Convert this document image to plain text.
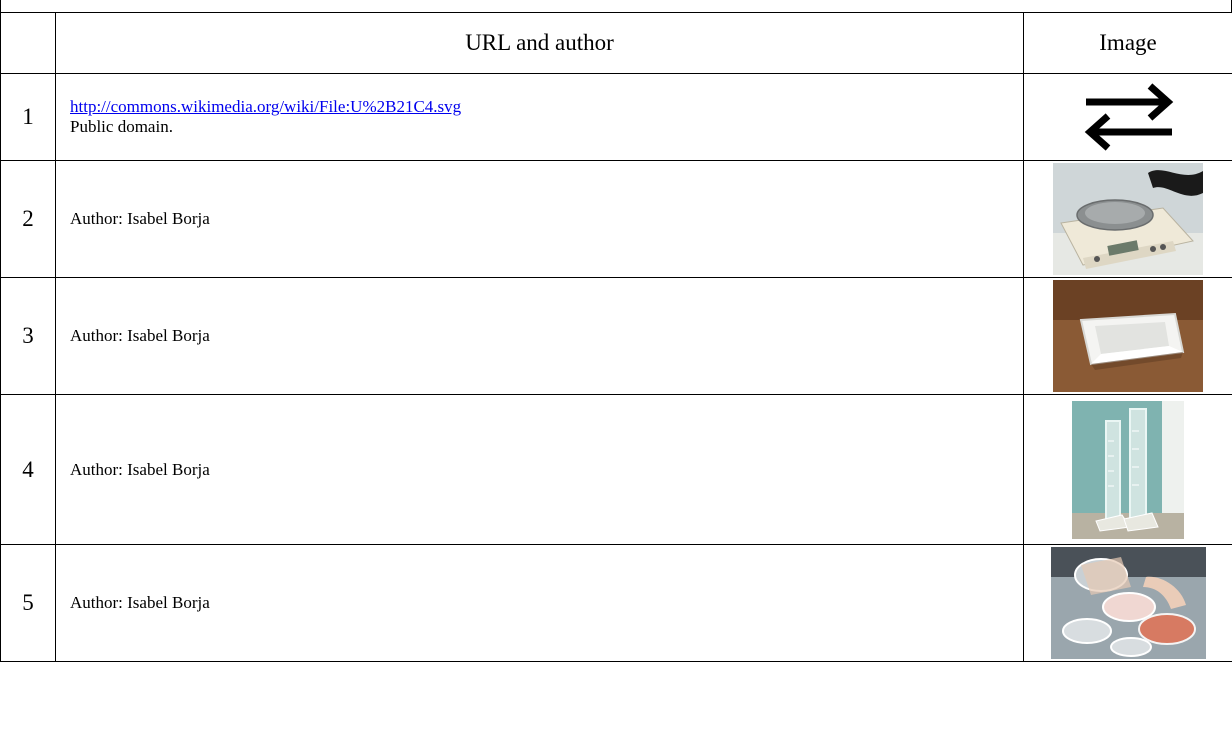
	URL and author	Image
1	http://commons.wikimedia.org/wiki/File:U%2B21C4.svg
Public domain.	
2	Author: Isabel Borja	
3	Author: Isabel Borja	
4	Author: Isabel Borja	
5	Author: Isabel Borja	
